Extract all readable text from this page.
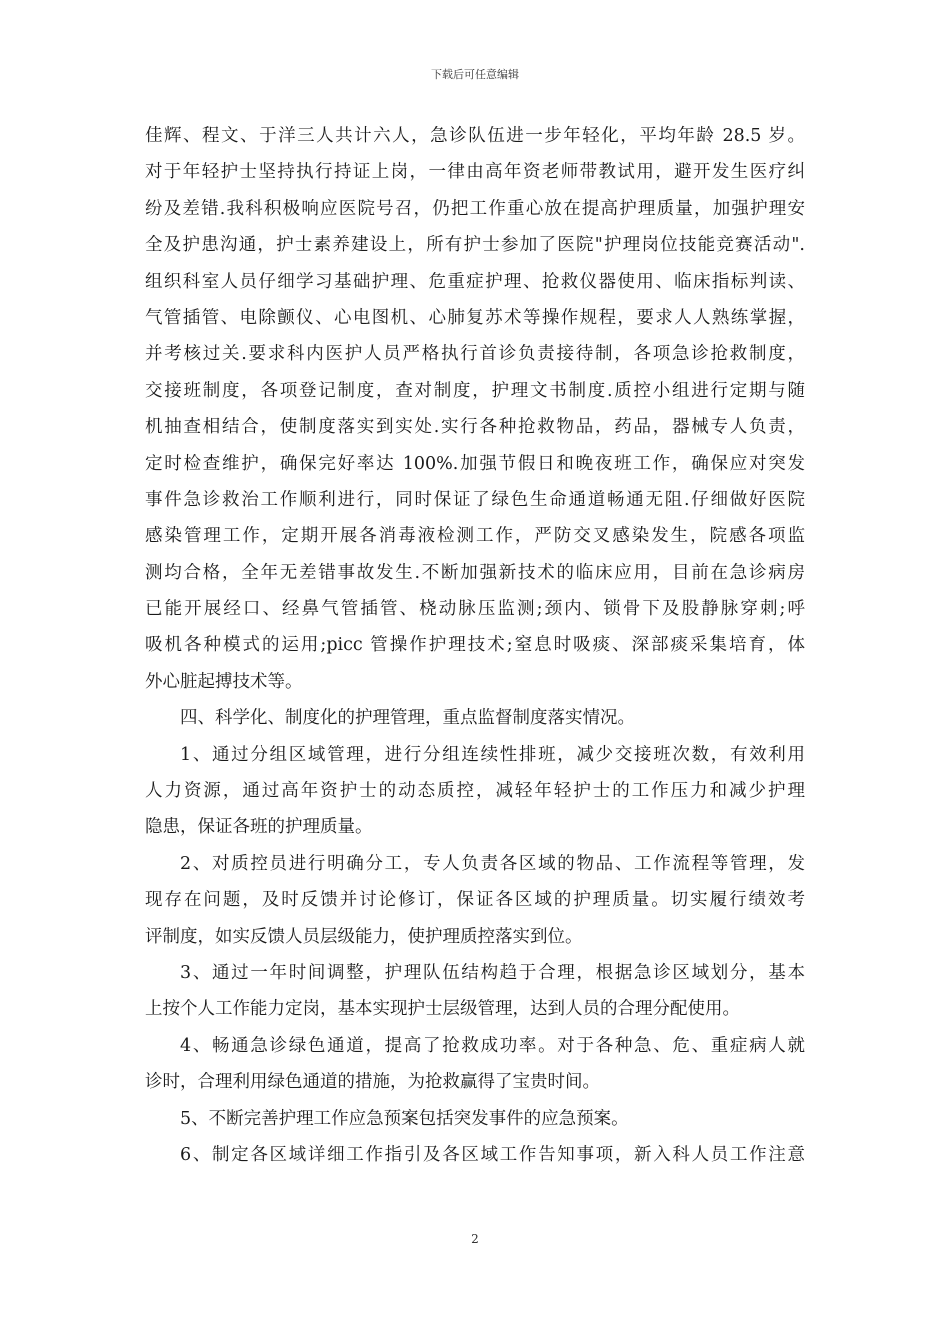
下载后可任意编辑
佳辉、程文、于洋三人共计六人，急诊队伍进一步年轻化，平均年龄 28.5 岁。
对于年轻护士坚持执行持证上岗，一律由高年资老师带教试用，避开发生医疗纠
纷及差错.我科积极响应医院号召，仍把工作重心放在提高护理质量，加强护理安
全及护患沟通，护士素养建设上，所有护士参加了医院"护理岗位技能竞赛活动".
组织科室人员仔细学习基础护理、危重症护理、抢救仪器使用、临床指标判读、
气管插管、电除颤仪、心电图机、心肺复苏术等操作规程，要求人人熟练掌握，
并考核过关.要求科内医护人员严格执行首诊负责接待制，各项急诊抢救制度，
交接班制度，各项登记制度，查对制度，护理文书制度.质控小组进行定期与随
机抽查相结合，使制度落实到实处.实行各种抢救物品，药品，器械专人负责，
定时检查维护，确保完好率达 100%.加强节假日和晚夜班工作，确保应对突发
事件急诊救治工作顺利进行，同时保证了绿色生命通道畅通无阻.仔细做好医院
感染管理工作，定期开展各消毒液检测工作，严防交叉感染发生，院感各项监
测均合格，全年无差错事故发生.不断加强新技术的临床应用，目前在急诊病房
已能开展经口、经鼻气管插管、桡动脉压监测;颈内、锁骨下及股静脉穿刺;呼
吸机各种模式的运用;picc 管操作护理技术;窒息时吸痰、深部痰采集培育，体
外心脏起搏技术等。
四、科学化、制度化的护理管理，重点监督制度落实情况。
1、通过分组区域管理，进行分组连续性排班，减少交接班次数，有效利用
人力资源，通过高年资护士的动态质控，减轻年轻护士的工作压力和减少护理
隐患，保证各班的护理质量。
2、对质控员进行明确分工，专人负责各区域的物品、工作流程等管理，发
现存在问题，及时反馈并讨论修订，保证各区域的护理质量。切实履行绩效考
评制度，如实反馈人员层级能力，使护理质控落实到位。
3、通过一年时间调整，护理队伍结构趋于合理，根据急诊区域划分，基本
上按个人工作能力定岗，基本实现护士层级管理，达到人员的合理分配使用。
4、畅通急诊绿色通道，提高了抢救成功率。对于各种急、危、重症病人就
诊时，合理利用绿色通道的措施，为抢救赢得了宝贵时间。
5、不断完善护理工作应急预案包括突发事件的应急预案。
6、制定各区域详细工作指引及各区域工作告知事项，新入科人员工作注意
2
